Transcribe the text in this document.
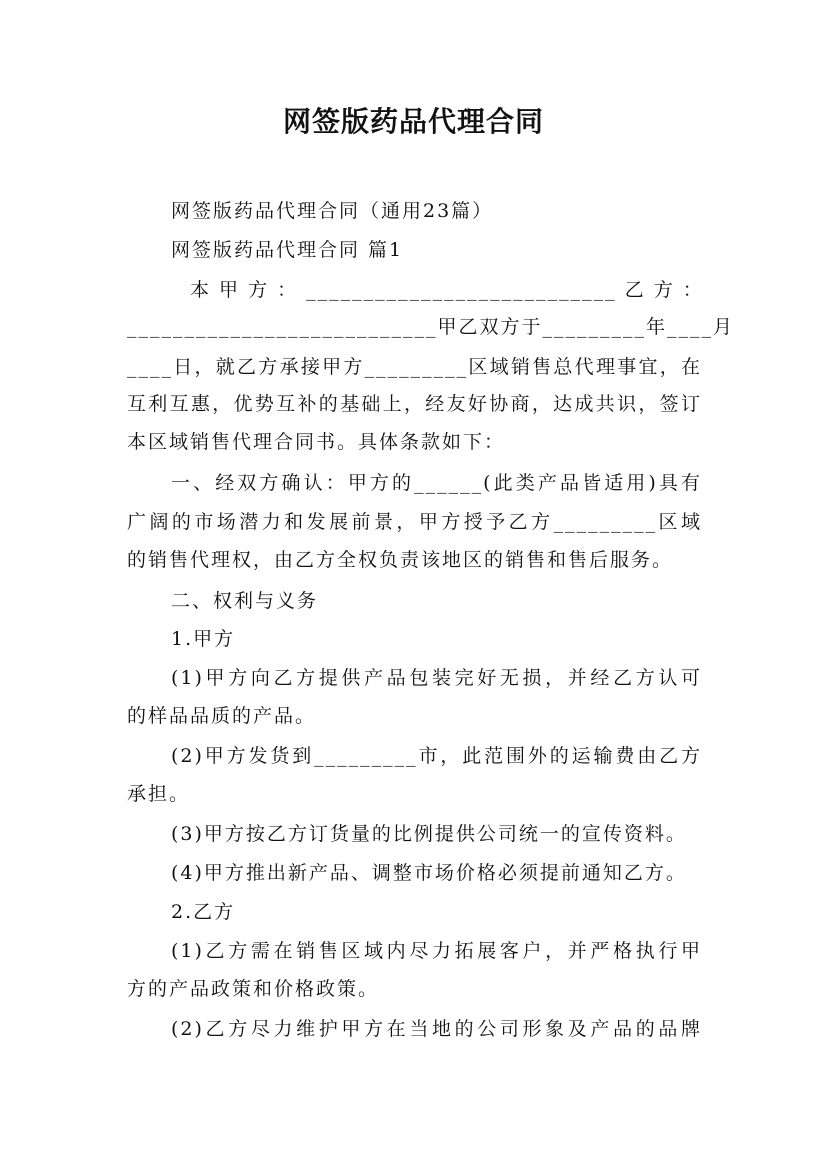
网签版药品代理合同
网签版药品代理合同（通用23篇）
网签版药品代理合同 篇1
本 甲 方 ： ___________________________ 乙 方 ：
___________________________甲乙双方于_________年____月
____日，就乙方承接甲方_________区域销售总代理事宜，在
互利互惠，优势互补的基础上，经友好协商，达成共识，签订
本区域销售代理合同书。具体条款如下：
一、经双方确认：甲方的______(此类产品皆适用)具有
广阔的市场潜力和发展前景，甲方授予乙方_________区域
的销售代理权，由乙方全权负责该地区的销售和售后服务。
二、权利与义务
1.甲方
(1)甲方向乙方提供产品包装完好无损，并经乙方认可
的样品品质的产品。
(2)甲方发货到_________市，此范围外的运输费由乙方
承担。
(3)甲方按乙方订货量的比例提供公司统一的宣传资料。
(4)甲方推出新产品、调整市场价格必须提前通知乙方。
2.乙方
(1)乙方需在销售区域内尽力拓展客户，并严格执行甲
方的产品政策和价格政策。
(2)乙方尽力维护甲方在当地的公司形象及产品的品牌
